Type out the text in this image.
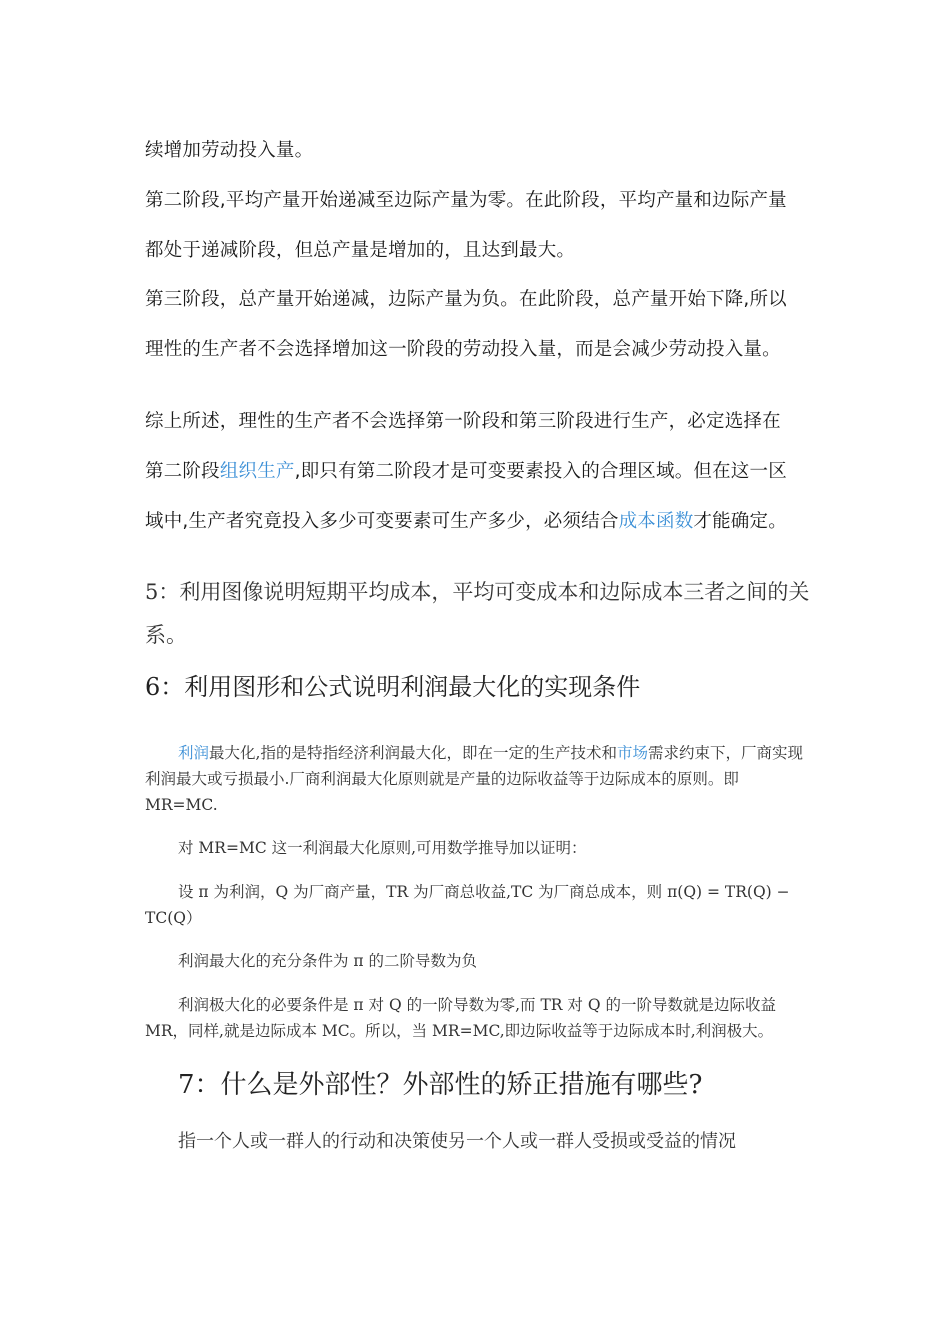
续增加劳动投入量。

第二阶段,平均产量开始递减至边际产量为零。在此阶段，平均产量和边际产量

都处于递减阶段，但总产量是增加的，且达到最大。

第三阶段，总产量开始递减，边际产量为负。在此阶段，总产量开始下降,所以

理性的生产者不会选择增加这一阶段的劳动投入量，而是会减少劳动投入量。

综上所述，理性的生产者不会选择第一阶段和第三阶段进行生产，必定选择在

第二阶段组织生产,即只有第二阶段才是可变要素投入的合理区域。但在这一区

域中,生产者究竟投入多少可变要素可生产多少，必须结合成本函数才能确定。

5：利用图像说明短期平均成本，平均可变成本和边际成本三者之间的关系。

6：利用图形和公式说明利润最大化的实现条件

利润最大化,指的是特指经济利润最大化，即在一定的生产技术和市场需求约束下，厂商实现利润最大或亏损最小.厂商利润最大化原则就是产量的边际收益等于边际成本的原则。即 MR=MC.

对 MR=MC 这一利润最大化原则,可用数学推导加以证明：

设 π 为利润，Q 为厂商产量，TR 为厂商总收益,TC 为厂商总成本，则 π(Q) = TR(Q) − TC(Q）

利润最大化的充分条件为 π 的二阶导数为负

利润极大化的必要条件是 π 对 Q 的一阶导数为零,而 TR 对 Q 的一阶导数就是边际收益 MR，同样,就是边际成本 MC。所以，当 MR=MC,即边际收益等于边际成本时,利润极大。

7：什么是外部性？外部性的矫正措施有哪些?

指一个人或一群人的行动和决策使另一个人或一群人受损或受益的情况
